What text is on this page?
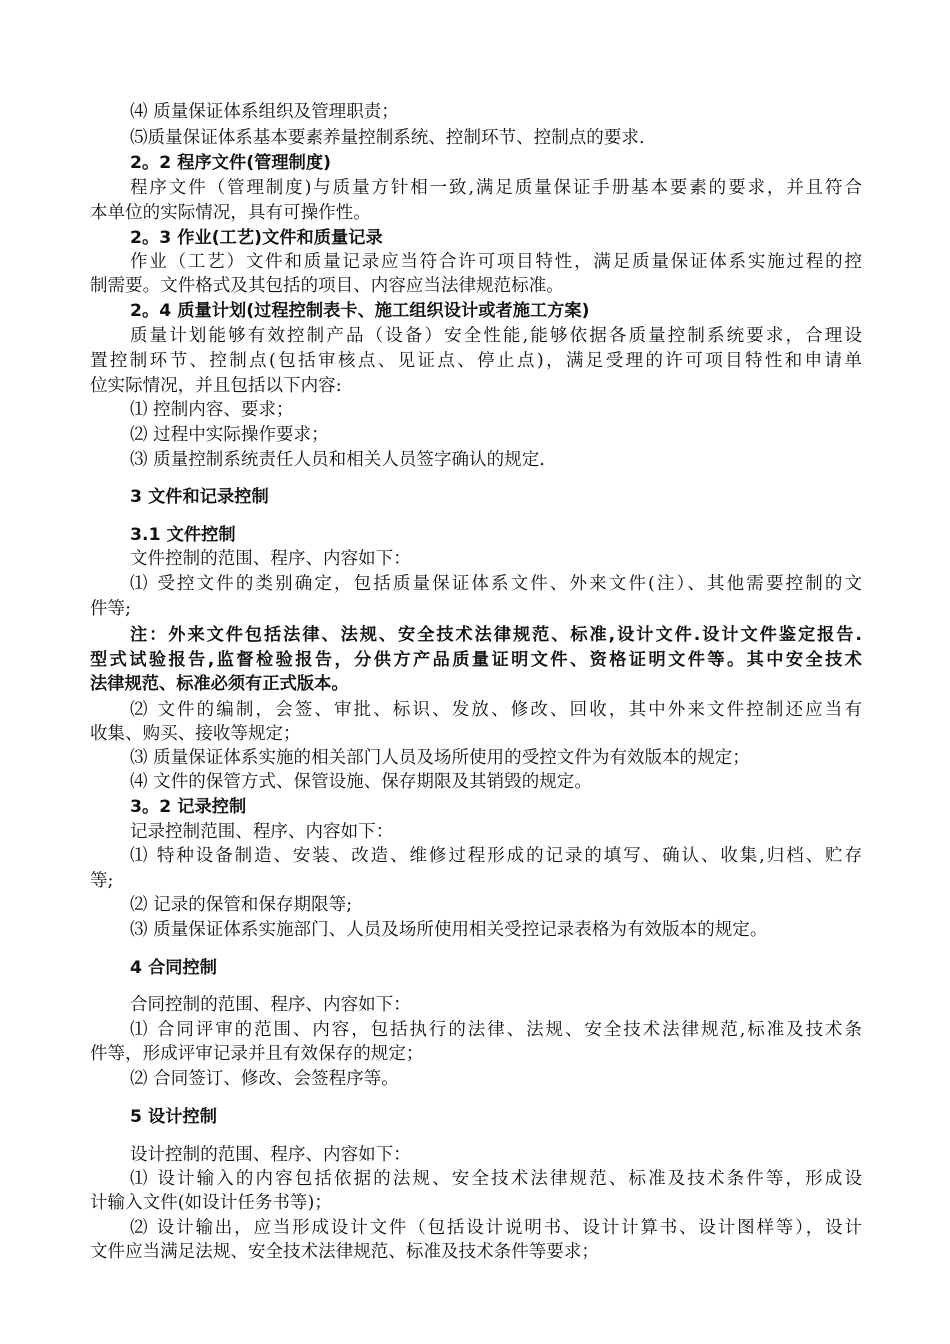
⑷ 质量保证体系组织及管理职责；
⑸质量保证体系基本要素养量控制系统、控制环节、控制点的要求.
2。2 程序文件(管理制度)
程序文件（管理制度)与质量方针相一致,满足质量保证手册基本要素的要求，并且符合
本单位的实际情况，具有可操作性。
2。3 作业(工艺)文件和质量记录
作业（工艺）文件和质量记录应当符合许可项目特性，满足质量保证体系实施过程的控
制需要。文件格式及其包括的项目、内容应当法律规范标准。
2。4 质量计划(过程控制表卡、施工组织设计或者施工方案)
质量计划能够有效控制产品（设备）安全性能,能够依据各质量控制系统要求，合理设
置控制环节、控制点(包括审核点、见证点、停止点)，满足受理的许可项目特性和申请单
位实际情况，并且包括以下内容:
⑴ 控制内容、要求；
⑵ 过程中实际操作要求；
⑶ 质量控制系统责任人员和相关人员签字确认的规定.
3 文件和记录控制
3.1 文件控制
文件控制的范围、程序、内容如下：
⑴ 受控文件的类别确定，包括质量保证体系文件、外来文件(注）、其他需要控制的文
件等;
注：外来文件包括法律、法规、安全技术法律规范、标准,设计文件.设计文件鉴定报告.
型式试验报告,监督检验报告，分供方产品质量证明文件、资格证明文件等。其中安全技术
法律规范、标准必须有正式版本。
⑵ 文件的编制，会签、审批、标识、发放、修改、回收，其中外来文件控制还应当有
收集、购买、接收等规定；
⑶ 质量保证体系实施的相关部门人员及场所使用的受控文件为有效版本的规定；
⑷ 文件的保管方式、保管设施、保存期限及其销毁的规定。
3。2 记录控制
记录控制范围、程序、内容如下：
⑴ 特种设备制造、安装、改造、维修过程形成的记录的填写、确认、收集,归档、贮存
等;
⑵ 记录的保管和保存期限等;
⑶ 质量保证体系实施部门、人员及场所使用相关受控记录表格为有效版本的规定。
4 合同控制
合同控制的范围、程序、内容如下：
⑴ 合同评审的范围、内容，包括执行的法律、法规、安全技术法律规范,标准及技术条
件等，形成评审记录并且有效保存的规定；
⑵ 合同签订、修改、会签程序等。
5 设计控制
设计控制的范围、程序、内容如下：
⑴ 设计输入的内容包括依据的法规、安全技术法律规范、标准及技术条件等，形成设
计输入文件(如设计任务书等)；
⑵ 设计输出，应当形成设计文件（包括设计说明书、设计计算书、设计图样等），设计
文件应当满足法规、安全技术法律规范、标准及技术条件等要求；
